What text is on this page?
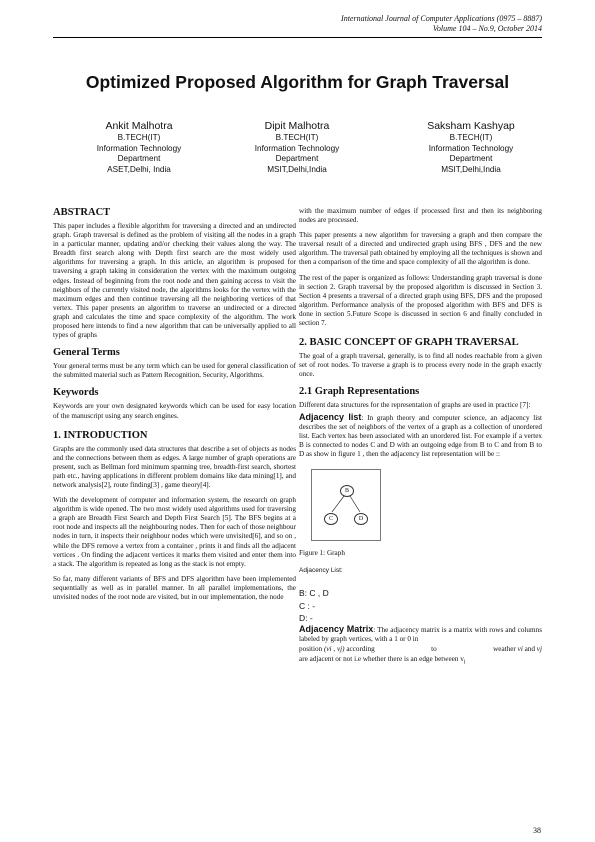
International Journal of Computer Applications (0975 – 8887)
Volume 104 – No.9, October 2014
Optimized Proposed Algorithm for Graph Traversal
Ankit Malhotra
B.TECH(IT)
Information Technology
Department
ASET,Delhi, India
Dipit Malhotra
B.TECH(IT)
Information Technology
Department
MSIT,Delhi,India
Saksham Kashyap
B.TECH(IT)
Information Technology
Department
MSIT,Delhi,India
ABSTRACT

This paper includes a flexible algorithm for traversing a directed and an undirected graph. Graph traversal is defined as the problem of visiting all the nodes in a graph in a particular manner, updating and/or checking their values along the way. The Breadth first search along with Depth first search are the most widely used algorithms for traversing a graph. In this article, an algorithm is proposed for traversing a graph taking in consideration the vertex with the maximum outgoing edges. Instead of beginning from the root node and then gaining access to visit the neighbors of the currently visited node, the algorithms looks for the vertex with the maximum edges and then continue traversing all the neighboring vertices of that vertex. This paper presents an algorithm to traverse an undirected or a directed graph and calculates the time and space complexity of the algorithm. The work proposed here intends to find a new algorithm that can be universally applied to all types of graphs

General Terms

Your general terms must be any term which can be used for general classification of the submitted material such as Pattern Recognition, Security, Algorithms.

Keywords

Keywords are your own designated keywords which can be used for easy location of the manuscript using any search engines.

1. INTRODUCTION

Graphs are the commonly used data structures that describe a set of objects as nodes and the connections between them as edges. A large number of graph operations are present, such as Bellman ford minimum spanning tree, breadth-first search, shortest path etc., having applications in different problem domains like data mining[1], and network analysis[2], route finding[3] , game theory[4].

With the development of computer and information system, the research on graph algorithm is wide opened. The two most widely used algorithms used for traversing a graph are Breadth First Search and Depth First Search [5]. The BFS begins at a root node and inspects all the neighbouring nodes. Then for each of those neighbour nodes in turn, it inspects their neighbour nodes which were unvisited[6], and so on , while the DFS remove a vertex from a container , prints it and finds all the adjacent vertices . On finding the adjacent vertices it marks them visited and enter them into a stack. The algorithm is repeated as long as the stack is not empty.

So far, many different variants of BFS and DFS algorithm have been implemented sequentially as well as in parallel manner. In all parallel implementations, the unvisited nodes of the root node are visited, but in our implementation, the node

with the maximum number of edges if processed first and then its neighboring nodes are processed.

This paper presents a new algorithm for traversing a graph and then compare the traversal result of a directed and undirected graph using BFS , DFS and the new algorithm. The traversal path obtained by employing all the techniques is shown and then a comparison of the time and space complexity of all the algorithm is done.

The rest of the paper is organized as follows: Understanding graph traversal is done in section 2. Graph traversal by the proposed algorithm is discussed in Section 3. Section 4 presents a traversal of a directed graph using BFS, DFS and the proposed algorithm. Performance analysis of the proposed algorithm with BFS and DFS is done in section 5.Future Scope is discussed in section 6 and finally concluded in section 7.

2. BASIC CONCEPT OF GRAPH TRAVERSAL

The goal of a graph traversal, generally, is to find all nodes reachable from a given set of root nodes. To traverse a graph is to process every node in the graph exactly once.

2.1 Graph Representations

Different data structures for the representation of graphs are used in practice [7]:

Adjacency list: In graph theory and computer science, an adjacency list describes the set of neighbors of the vertex of a graph as a collection of unordered list. Each vertex has been associated with an unordered list. For example if a vertex B is connected to nodes C and D with an outgoing edge from B to C and from B to D as show in figure 1 , then the adjacency list representation will be ::

B
C	D
Figure 1: Graph
Adjacency List:
B: C , D
C : -
D: -

Adjacency Matrix: The adjacency matrix is a matrix with rows and columns labeled by graph vertices, with a 1 or 0 in

position (vi , vj) according	to	weather vi and vj

are adjacent or not i.e whether there is an edge between $v_i$

38
